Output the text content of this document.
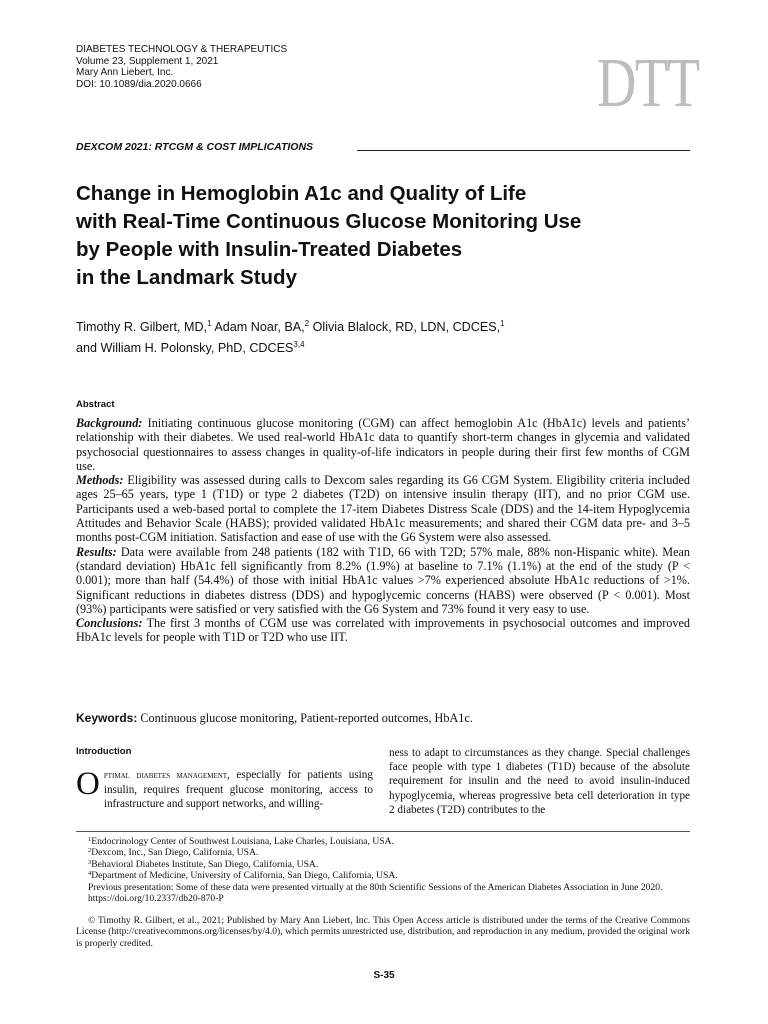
DIABETES TECHNOLOGY & THERAPEUTICS
Volume 23, Supplement 1, 2021
Mary Ann Liebert, Inc.
DOI: 10.1089/dia.2020.0666	DTT
DEXCOM 2021: RTCGM & COST IMPLICATIONS
Change in Hemoglobin A1c and Quality of Life
with Real-Time Continuous Glucose Monitoring Use
by People with Insulin-Treated Diabetes
in the Landmark Study
Timothy R. Gilbert, MD,$^1$ Adam Noar, BA,$^2$ Olivia Blalock, RD, LDN, CDCES,$^1$
and William H. Polonsky, PhD, CDCES$^{3,4}$
Abstract

Background: Initiating continuous glucose monitoring (CGM) can affect hemoglobin A1c (HbA1c) levels and patients’ relationship with their diabetes. We used real-world HbA1c data to quantify short-term changes in glycemia and validated psychosocial questionnaires to assess changes in quality-of-life indicators in people during their first few months of CGM use.

Methods: Eligibility was assessed during calls to Dexcom sales regarding its G6 CGM System. Eligibility criteria included ages 25–65 years, type 1 (T1D) or type 2 diabetes (T2D) on intensive insulin therapy (IIT), and no prior CGM use. Participants used a web-based portal to complete the 17-item Diabetes Distress Scale (DDS) and the 14-item Hypoglycemia Attitudes and Behavior Scale (HABS); provided validated HbA1c measurements; and shared their CGM data pre- and 3–5 months post-CGM initiation. Satisfaction and ease of use with the G6 System were also assessed.

Results: Data were available from 248 patients (182 with T1D, 66 with T2D; 57% male, 88% non-Hispanic white). Mean (standard deviation) HbA1c fell significantly from 8.2% (1.9%) at baseline to 7.1% (1.1%) at the end of the study (P < 0.001); more than half (54.4%) of those with initial HbA1c values >7% experienced absolute HbA1c reductions of >1%. Significant reductions in diabetes distress (DDS) and hypoglycemic concerns (HABS) were observed (P < 0.001). Most (93%) participants were satisfied or very satisfied with the G6 System and 73% found it very easy to use.

Conclusions: The first 3 months of CGM use was correlated with improvements in psychosocial outcomes and improved HbA1c levels for people with T1D or T2D who use IIT.

Keywords: Continuous glucose monitoring, Patient-reported outcomes, HbA1c.
Introduction
Optimal diabetes management, especially for patients using insulin, requires frequent glucose monitoring, access to infrastructure and support networks, and willing-
ness to adapt to circumstances as they change. Special challenges face people with type 1 diabetes (T1D) because of the absolute requirement for insulin and the need to avoid insulin-induced hypoglycemia, whereas progressive beta cell deterioration in type 2 diabetes (T2D) contributes to the
$^1$Endocrinology Center of Southwest Louisiana, Lake Charles, Louisiana, USA.
$^2$Dexcom, Inc., San Diego, California, USA.
$^3$Behavioral Diabetes Institute, San Diego, California, USA.
$^4$Department of Medicine, University of California, San Diego, California, USA.
Previous presentation: Some of these data were presented virtually at the 80th Scientific Sessions of the American Diabetes Association in June 2020. https://doi.org/10.2337/db20-870-P
© Timothy R. Gilbert, et al., 2021; Published by Mary Ann Liebert, Inc. This Open Access article is distributed under the terms of the Creative Commons License (http://creativecommons.org/licenses/by/4.0), which permits unrestricted use, distribution, and reproduction in any medium, provided the original work is properly credited.
S-35
